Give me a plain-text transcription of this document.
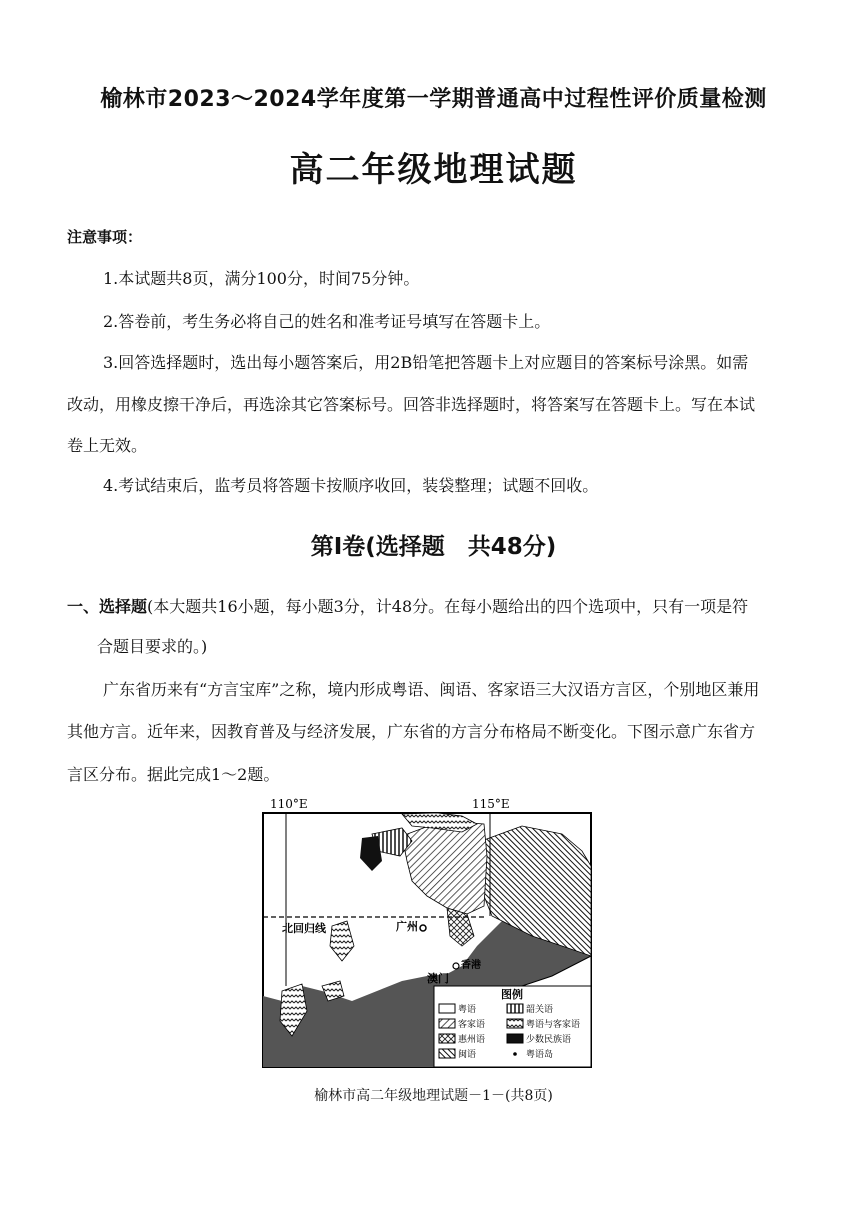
榆林市2023～2024学年度第一学期普通高中过程性评价质量检测
高二年级地理试题
注意事项：
1.本试题共8页，满分100分，时间75分钟。
2.答卷前，考生务必将自己的姓名和准考证号填写在答题卡上。
3.回答选择题时，选出每小题答案后，用2B铅笔把答题卡上对应题目的答案标号涂黑。如需
改动，用橡皮擦干净后，再选涂其它答案标号。回答非选择题时，将答案写在答题卡上。写在本试
卷上无效。
4.考试结束后，监考员将答题卡按顺序收回，装袋整理；试题不回收。
第Ⅰ卷(选择题　共48分)
一、选择题(本大题共16小题，每小题3分，计48分。在每小题给出的四个选项中，只有一项是符
合题目要求的。)
广东省历来有“方言宝库”之称，境内形成粤语、闽语、客家语三大汉语方言区，个别地区兼用
其他方言。近年来，因教育普及与经济发展，广东省的方言分布格局不断变化。下图示意广东省方
言区分布。据此完成1～2题。
110°E	115°E
北回归线	广州
香港
澳门
图例
粤语	韶关语
客家语	粤语与客家语
惠州语	少数民族语
闽语	粤语岛
榆林市高二年级地理试题－1－(共8页)
